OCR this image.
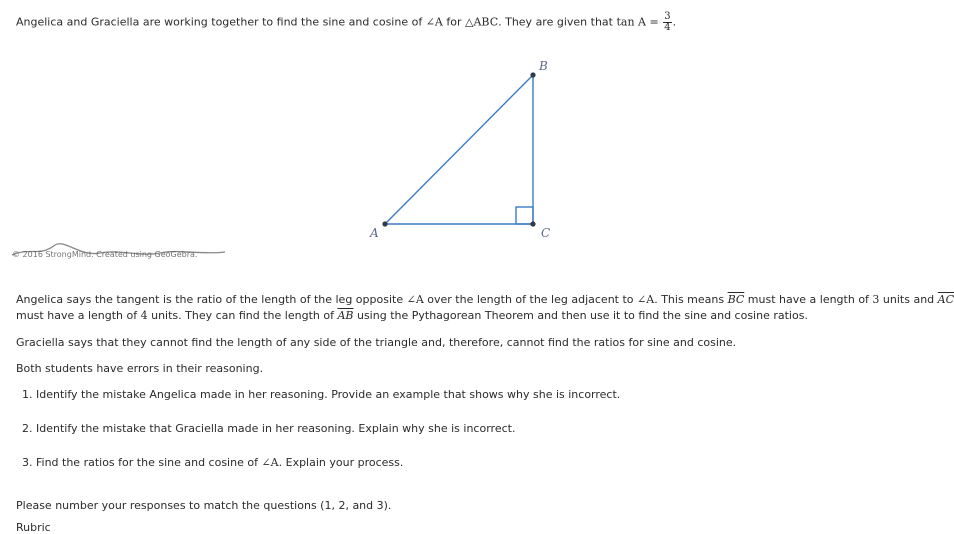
Angelica and Graciella are working together to find the sine and cosine of ∠A for △ABC. They are given that $\tan A = \frac{3}{4}$ .
A
B
C
© 2016 StrongMind. Created using GeoGebra.
Angelica says the tangent is the ratio of the length of the leg opposite ∠A over the length of the leg adjacent to ∠A. This means $\overline{BC}$ must have a length of 3 units and $\overline{AC}$
must have a length of 4 units. They can find the length of $\overline{AB}$ using the Pythagorean Theorem and then use it to find the sine and cosine ratios.
Graciella says that they cannot find the length of any side of the triangle and, therefore, cannot find the ratios for sine and cosine.
Both students have errors in their reasoning.
1. Identify the mistake Angelica made in her reasoning. Provide an example that shows why she is incorrect.
2. Identify the mistake that Graciella made in her reasoning. Explain why she is incorrect.
3. Find the ratios for the sine and cosine of ∠A. Explain your process.
Please number your responses to match the questions (1, 2, and 3).
Rubric
